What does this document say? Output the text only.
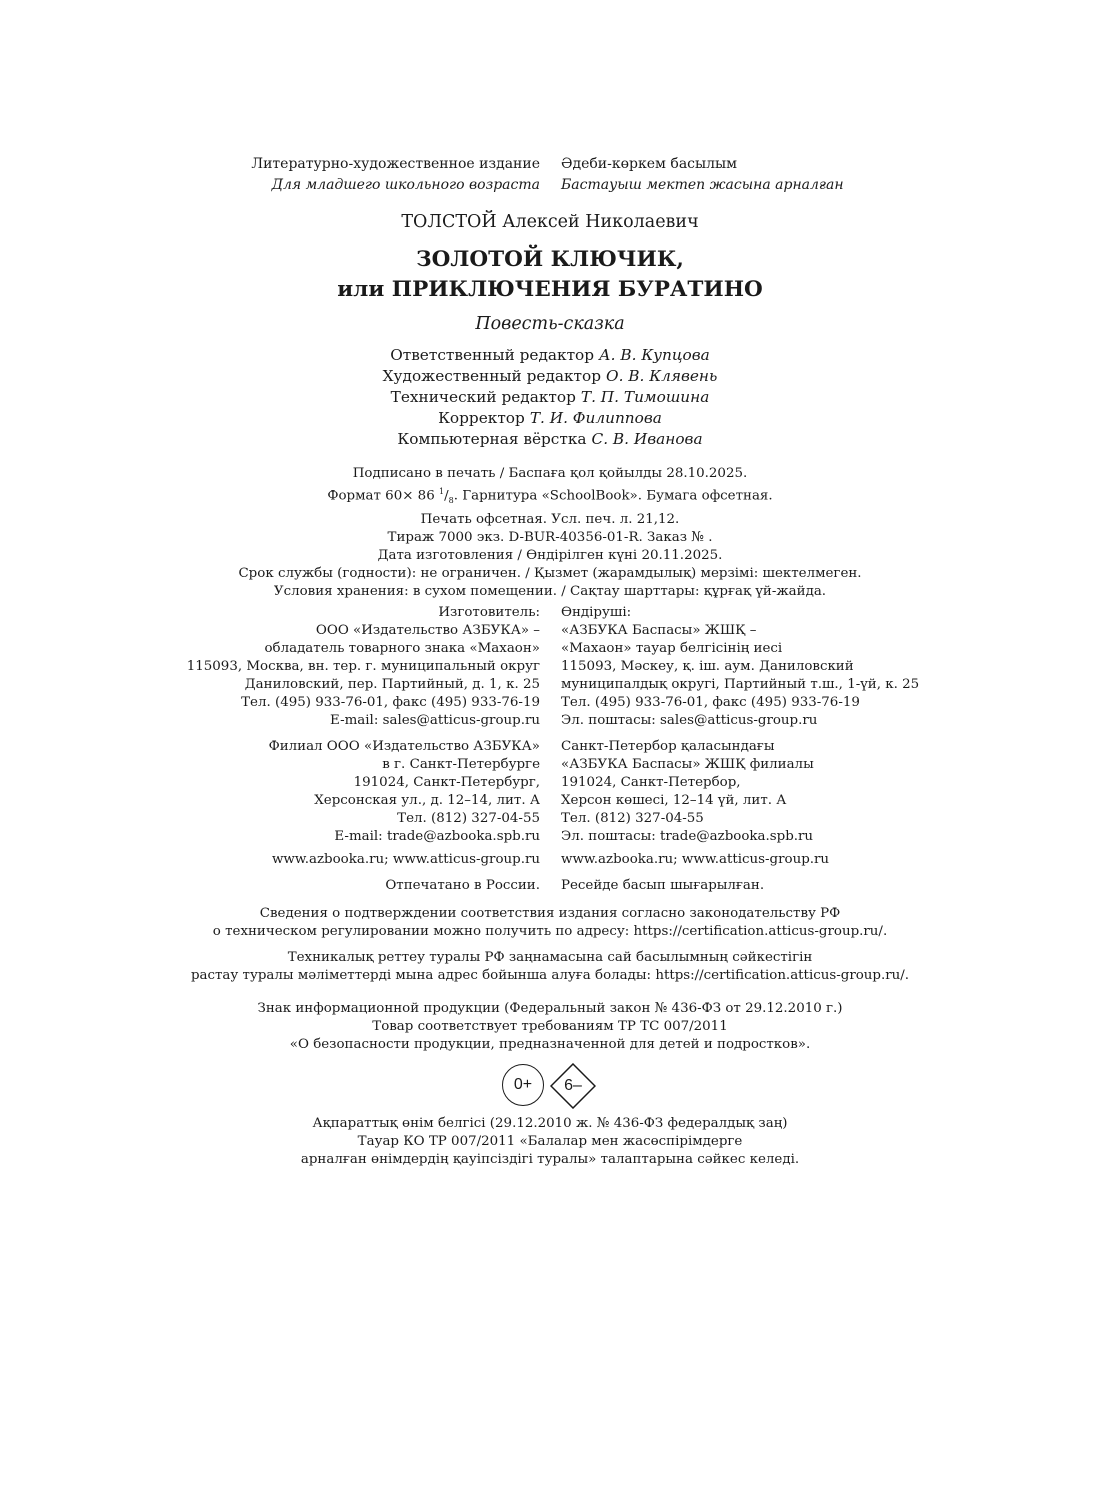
Литературно-художественное издание
Для младшего школьного возраста
Әдеби-көркем басылым
Бастауыш мектеп жасына арналған
ТОЛСТОЙ Алексей Николаевич
ЗОЛОТОЙ КЛЮЧИК,
или ПРИКЛЮЧЕНИЯ БУРАТИНО
Повесть-сказка
Ответственный редактор А. В. Купцова
Художественный редактор О. В. Клявень
Технический редактор Т. П. Тимошина
Корректор Т. И. Филиппова
Компьютерная вёрстка С. В. Иванова
Подписано в печать / Баспаға қол қойылды 28.10.2025.
Формат 60× 86 $^1/_8$. Гарнитура «SchoolBook». Бумага офсетная.
Печать офсетная. Усл. печ. л. 21,12.
Тираж 7000 экз. D-BUR-40356-01-R. Заказ № .
Дата изготовления / Өндірілген күні 20.11.2025.
Срок службы (годности): не ограничен. / Қызмет (жарамдылық) мерзімі: шектелмеген.
Условия хранения: в сухом помещении. / Сақтау шарттары: құрғақ үй-жайда.
Изготовитель:
ООО «Издательство АЗБУКА» –
обладатель товарного знака «Махаон»
115093, Москва, вн. тер. г. муниципальный округ
Даниловский, пер. Партийный, д. 1, к. 25
Тел. (495) 933-76-01, факс (495) 933-76-19
E-mail: sales@atticus-group.ru
Өндіруші:
«АЗБУКА Баспасы» ЖШҚ –
«Махаон» тауар белгісінің иесі
115093, Мәскеу, қ. іш. аум. Даниловский
муниципалдық округі, Партийный т.ш., 1-үй, к. 25
Тел. (495) 933-76-01, факс (495) 933-76-19
Эл. поштасы: sales@atticus-group.ru
Филиал ООО «Издательство АЗБУКА»
в г. Санкт-Петербурге
191024, Санкт-Петербург,
Херсонская ул., д. 12–14, лит. А
Тел. (812) 327-04-55
E-mail: trade@azbooka.spb.ru
Санкт-Петербор қаласындағы
«АЗБУКА Баспасы» ЖШҚ филиалы
191024, Санкт-Петербор,
Херсон көшесі, 12–14 үй, лит. А
Тел. (812) 327-04-55
Эл. поштасы: trade@azbooka.spb.ru
www.azbooka.ru; www.atticus-group.ru www.azbooka.ru; www.atticus-group.ru
Отпечатано в России. Ресейде басып шығарылған.
Сведения о подтверждении соответствия издания согласно законодательству РФ
о техническом регулировании можно получить по адресу: https://certification.atticus-group.ru/.
Техникалық реттеу туралы РФ заңнамасына сай басылымның сәйкестігін
растау туралы мәліметтерді мына адрес бойынша алуға болады: https://certification.atticus-group.ru/.
Знак информационной продукции (Федеральный закон № 436-ФЗ от 29.12.2010 г.)
Товар соответствует требованиям ТР ТС 007/2011
«О безопасности продукции, предназначенной для детей и подростков».
0+	6–
Ақпараттық өнім белгісі (29.12.2010 ж. № 436-ФЗ федералдық заң)
Тауар КО ТР 007/2011 «Балалар мен жасөспірімдерге
арналған өнімдердің қауіпсіздігі туралы» талаптарына сәйкес келеді.
